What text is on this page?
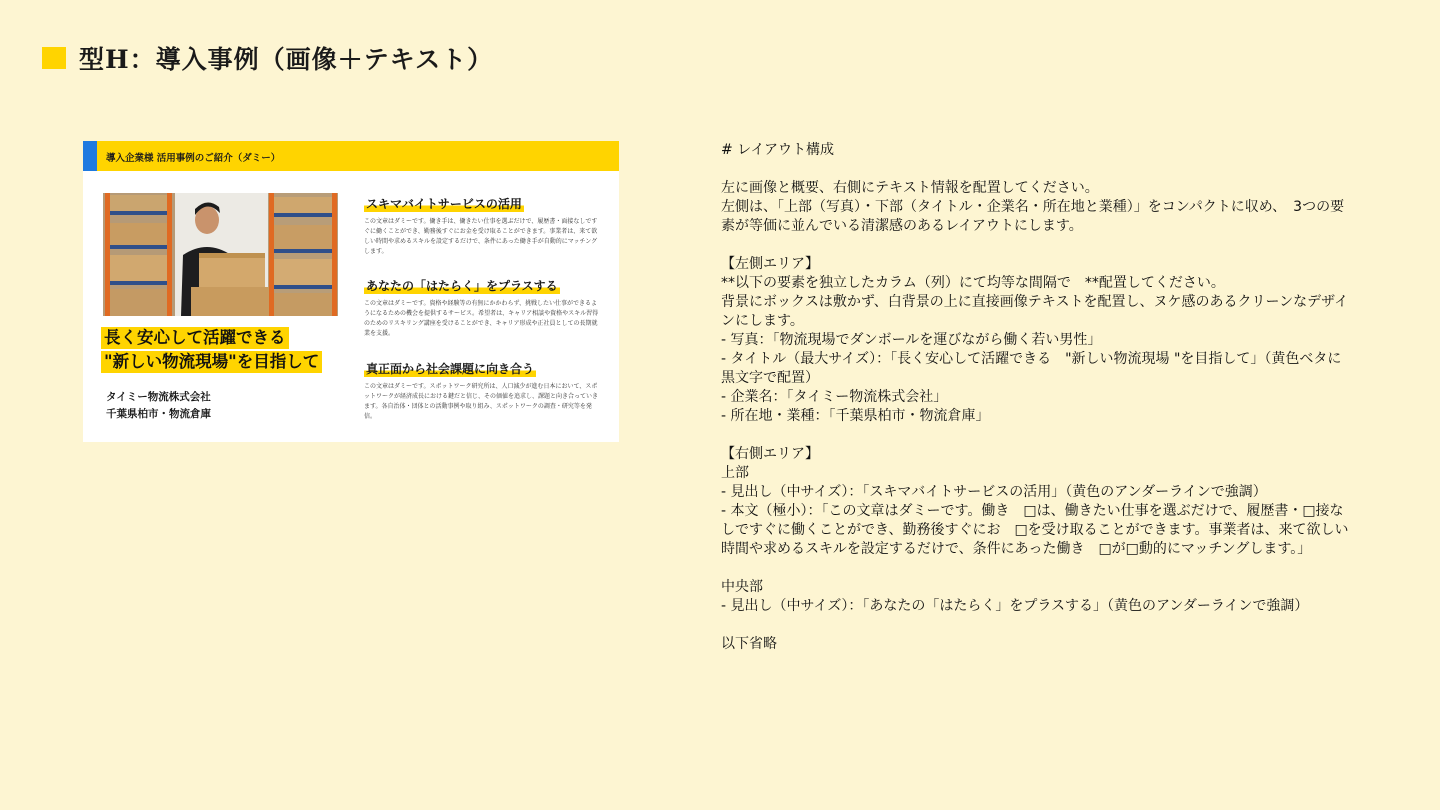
型H：導入事例（画像＋テキスト）
導入企業様 活用事例のご紹介（ダミー）
長く安心して活躍できる
"新しい物流現場"を目指して
タイミー物流株式会社
千葉県柏市・物流倉庫
スキマバイトサービスの活用
この文章はダミーです。働き手は、働きたい仕事を選ぶだけで、履歴書・面接なしですぐに働くことができ、勤務後すぐにお金を受け取ることができます。事業者は、来て欲しい時間や求めるスキルを設定するだけで、条件にあった働き手が自動的にマッチングします。
あなたの「はたらく」をプラスする
この文章はダミーです。資格や経験等の有無にかかわらず、挑戦したい仕事ができるようになるための機会を提供するサービス。希望者は、キャリア相談や資格やスキル習得のためのリスキリング講座を受けることができ、キャリア形成や正社員としての長期就業を支援。
真正面から社会課題に向き合う
この文章はダミーです。スポットワーク研究所は、人口減少が進む日本において、スポットワークが経済成長における鍵だと信じ、その価値を追求し、課題と向き合っていきます。各自治体・団体との活動事例や取り組み、スポットワークの調査・研究等を発信。

# レイアウト構成

左に画像と概要、右側にテキスト情報を配置してください。

左側は、「上部（写真）・下部（タイトル・企業名・所在地と業種）」をコンパクトに収め、　3つの要素が等価に並んでいる清潔感のあるレイアウトにします。

【左側エリア】

**以下の要素を独立したカラム（列）にて均等な間隔で　**配置してください。

背景にボックスは敷かず、白背景の上に直接画像テキストを配置し、ヌケ感のあるクリーンなデザインにします。

- 写真：「物流現場でダンボールを運びながら働く若い男性」

- タイトル（最大サイズ）：「長く安心して活躍できる　"新しい物流現場 "を目指して」（黄色ベタに黒文字で配置）

- 企業名：「タイミー物流株式会社」

- 所在地・業種：「千葉県柏市・物流倉庫」

【右側エリア】

上部

- 見出し（中サイズ）：「スキマバイトサービスの活用」（黄色のアンダーラインで強調）

- 本文（極小）：「この文章はダミーです。働き　□は、働きたい仕事を選ぶだけで、履歴書・□接なしですぐに働くことができ、勤務後すぐにお　□を受け取ることができます。事業者は、来て欲しい時間や求めるスキルを設定するだけで、条件にあった働き　□が□動的にマッチングします。」

中央部

- 見出し（中サイズ）：「あなたの「はたらく」をプラスする」（黄色のアンダーラインで強調）

以下省略
